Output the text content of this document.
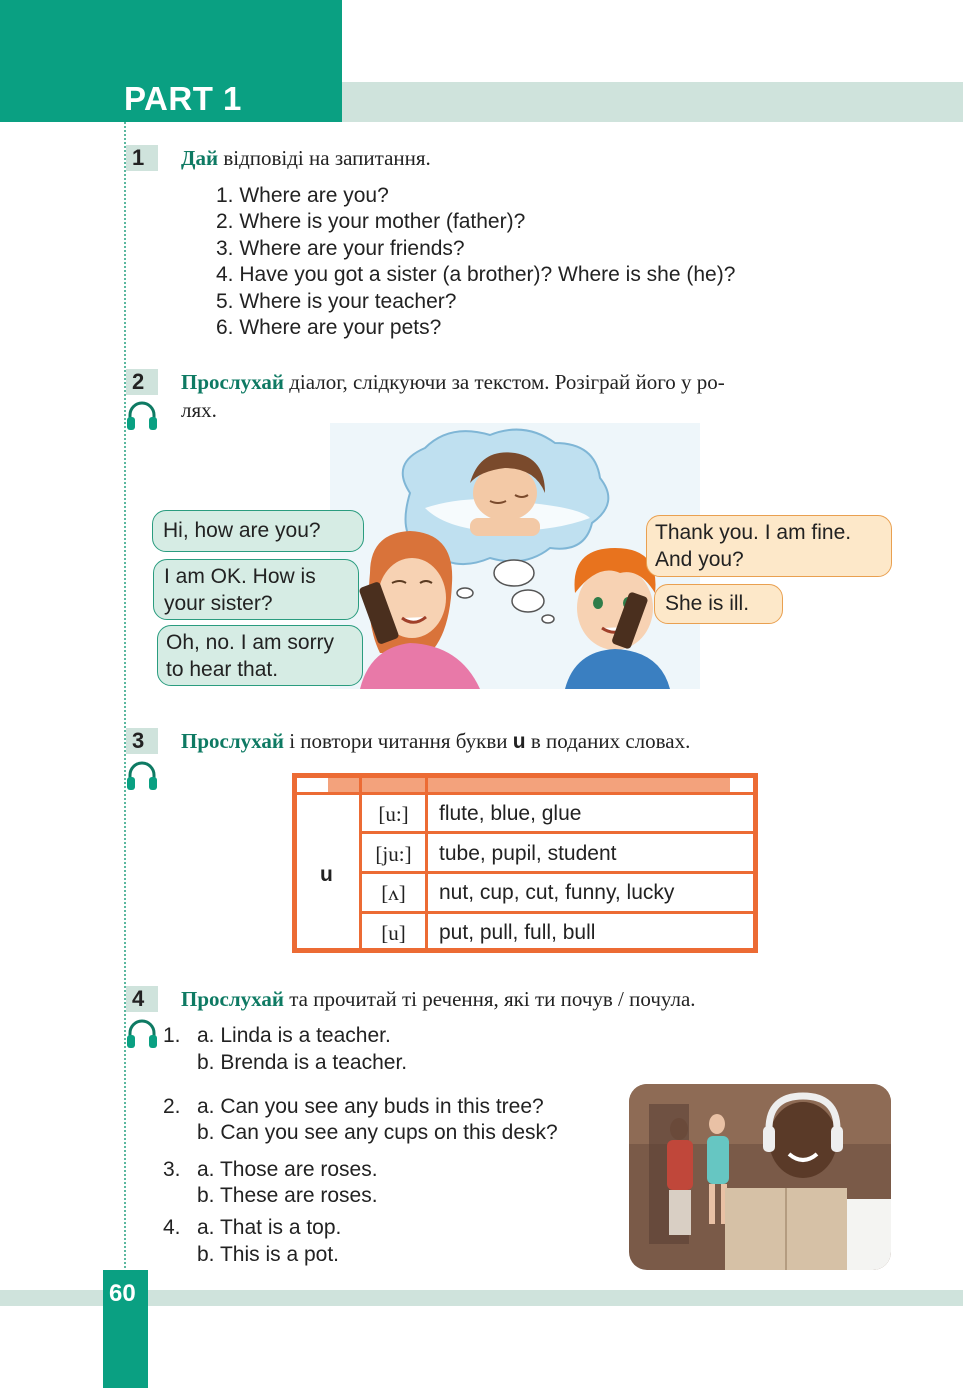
PART 1
1	Дай відповіді на запитання.
1. Where are you?
2. Where is your mother (father)?
3. Where are your friends?
4. Have you got a sister (a brother)? Where is she (he)?
5. Where is your teacher?
6. Where are your pets?
2	Прослухай діалог, слідкуючи за текстом. Розіграй його у ро-
лях.
Hi, how are you?
I am OK. How is
your sister?
Oh, no. I am sorry
to hear that.
Thank you. I am fine.
And you?
She is ill.
3	Прослухай і повтори читання букви u в поданих словах.
u
[u:]	flute, blue, glue
[ju:]	tube, pupil, student
[ʌ]	nut, cup, cut, funny, lucky
[u]	put, pull, full, bull
4	Прослухай та прочитай ті речення, які ти почув / почула.
1. a. Linda is a teacher.
b. Brenda is a teacher.
2. a. Can you see any buds in this tree?
b. Can you see any cups on this desk?
3. a. Those are roses.
b. These are roses.
4. a. That is a top.
b. This is a pot.
60
